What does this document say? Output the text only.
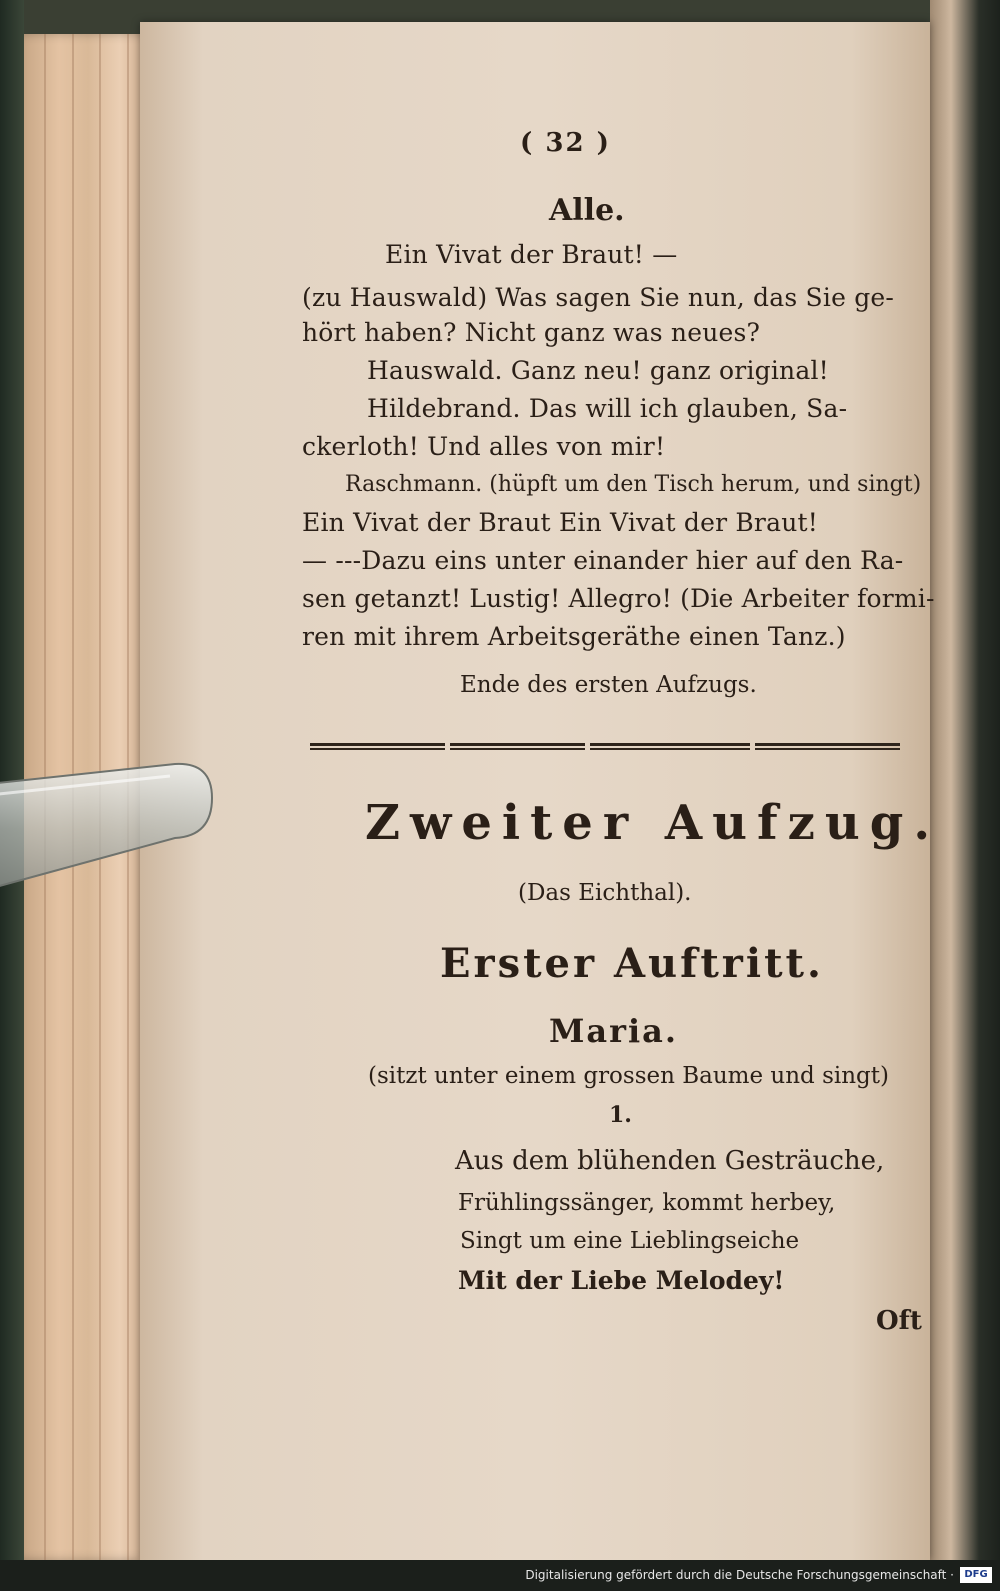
( 32 )
Alle.
Ein Vivat der Braut! —
(zu Hauswald) Was sagen Sie nun, das Sie ge-
hört haben? Nicht ganz was neues?
Hauswald. Ganz neu! ganz original!
Hildebrand. Das will ich glauben, Sa-
ckerloth! Und alles von mir!
Raschmann. (hüpft um den Tisch herum, und singt)
Ein Vivat der Braut Ein Vivat der Braut!
— ---Dazu eins unter einander hier auf den Ra-
sen getanzt! Lustig! Allegro! (Die Arbeiter formi-
ren mit ihrem Arbeitsgeräthe einen Tanz.)
Ende des ersten Aufzugs.
Zweiter Aufzug.
(Das Eichthal).
Erster Auftritt.
Maria.
(sitzt unter einem grossen Baume und singt)
1.
Aus dem blühenden Gesträuche,
Frühlingssänger, kommt herbey,
Singt um eine Lieblingseiche
Mit der Liebe Melodey!
Oft
Digitalisierung gefördert durch die Deutsche Forschungsgemeinschaft ·	DFG
